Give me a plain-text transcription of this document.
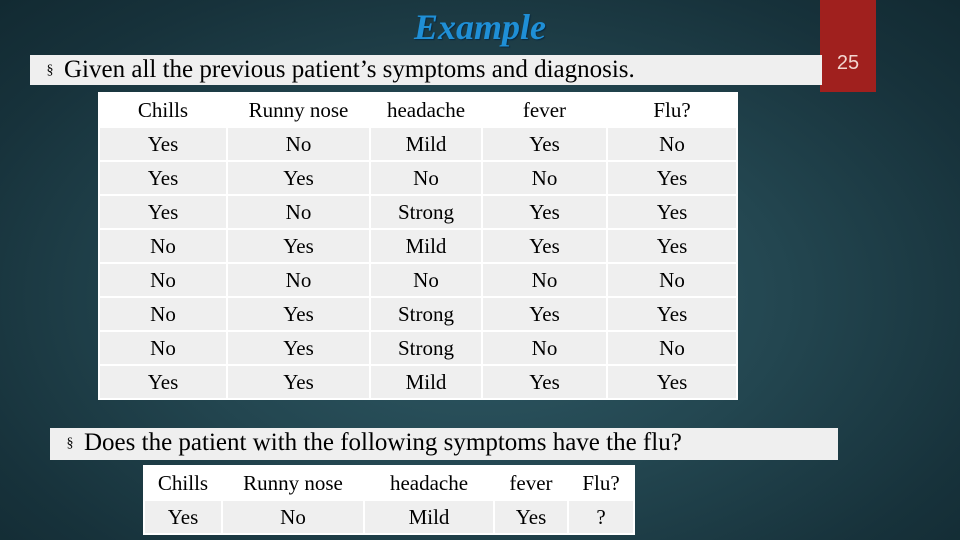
Example
25
§ Given all the previous patient’s symptoms and diagnosis.
Chills	Runny nose	headache	fever	Flu?
Yes	No	Mild	Yes	No
Yes	Yes	No	No	Yes
Yes	No	Strong	Yes	Yes
No	Yes	Mild	Yes	Yes
No	No	No	No	No
No	Yes	Strong	Yes	Yes
No	Yes	Strong	No	No
Yes	Yes	Mild	Yes	Yes
§ Does the patient with the following symptoms have the flu?
Chills	Runny nose	headache	fever	Flu?
Yes	No	Mild	Yes	?
